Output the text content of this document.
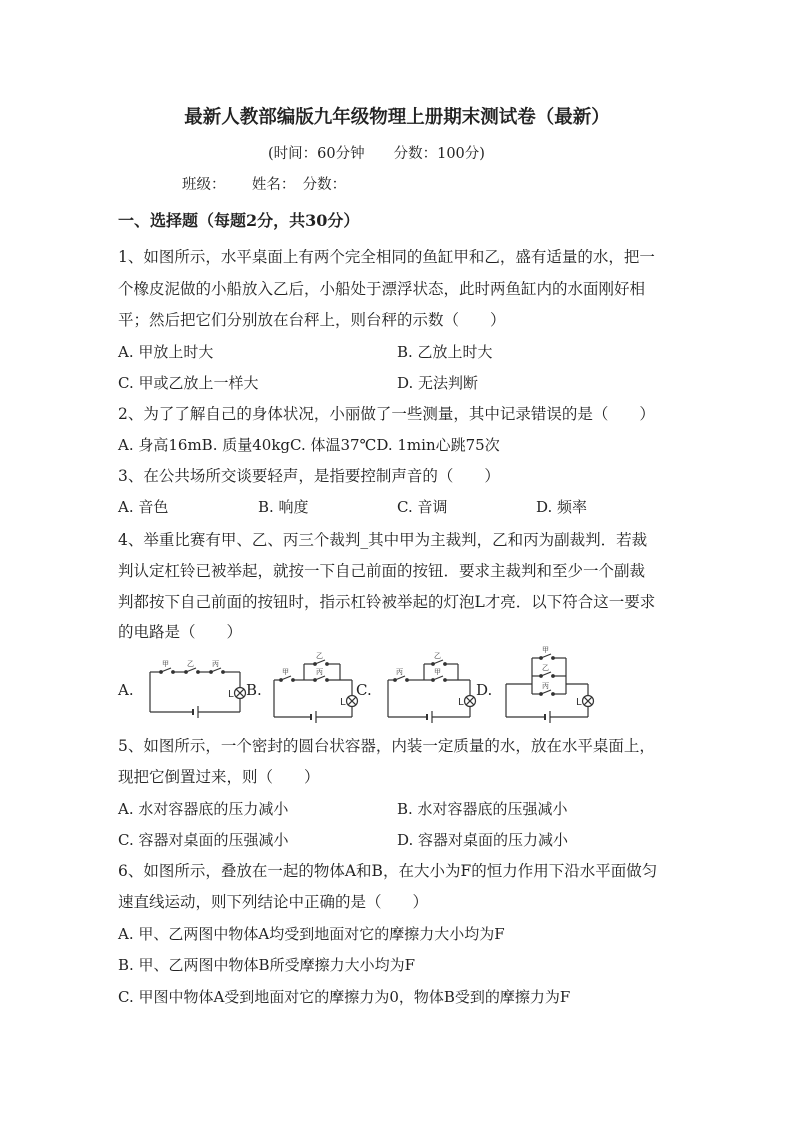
最新人教部编版九年级物理上册期末测试卷（最新）
(时间：60分钟　　分数：100分)
班级：　　 姓名：　分数：
一、选择题（每题2分，共30分）
1、如图所示，水平桌面上有两个完全相同的鱼缸甲和乙，盛有适量的水，把一
个橡皮泥做的小船放入乙后，小船处于漂浮状态，此时两鱼缸内的水面刚好相
平；然后把它们分别放在台秤上，则台秤的示数（　　）
A. 甲放上时大	B. 乙放上时大
C. 甲或乙放上一样大	D. 无法判断
2、为了了解自己的身体状况，小丽做了一些测量，其中记录错误的是（　　）
A. 身高16mB. 质量40kgC. 体温37℃D. 1min心跳75次
3、在公共场所交谈要轻声，是指要控制声音的（　　）
A. 音色	B. 响度	C. 音调	D. 频率
4、举重比赛有甲、乙、丙三个裁判_其中甲为主裁判，乙和丙为副裁判．若裁
判认定杠铃已被举起，就按一下自己前面的按钮．要求主裁判和至少一个副裁
判都按下自己前面的按钮时，指示杠铃被举起的灯泡L才亮．以下符合这一要求
的电路是（　　）
A.	B.	C.	D.
甲	乙	丙
L
甲
乙
丙
L
丙
乙
甲
L
甲
乙
丙
L
5、如图所示，一个密封的圆台状容器，内装一定质量的水，放在水平桌面上，
现把它倒置过来，则（　　）
A. 水对容器底的压力减小	B. 水对容器底的压强减小
C. 容器对桌面的压强减小	D. 容器对桌面的压力减小
6、如图所示，叠放在一起的物体A和B，在大小为F的恒力作用下沿水平面做匀
速直线运动，则下列结论中正确的是（　　）
A. 甲、乙两图中物体A均受到地面对它的摩擦力大小均为F
B. 甲、乙两图中物体B所受摩擦力大小均为F
C. 甲图中物体A受到地面对它的摩擦力为0，物体B受到的摩擦力为F
